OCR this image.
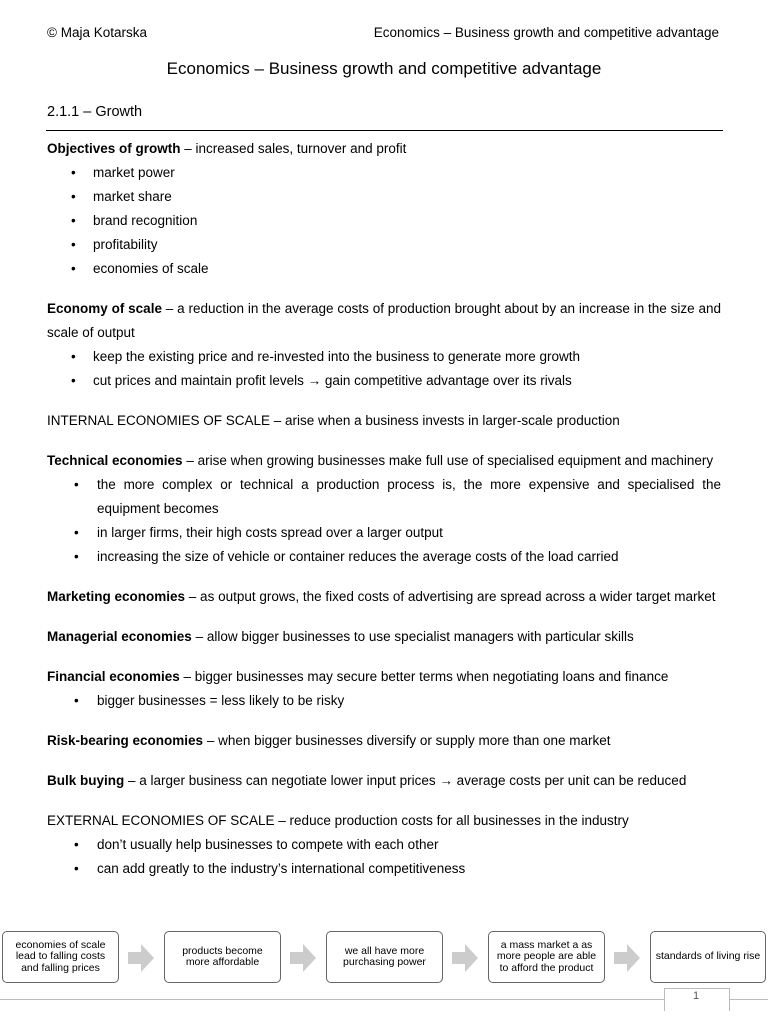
© Maja Kotarska	Economics – Business growth and competitive advantage
Economics – Business growth and competitive advantage
2.1.1 – Growth

Objectives of growth – increased sales, turnover and profit

• market power
• market share
• brand recognition
• profitability
• economies of scale

Economy of scale – a reduction in the average costs of production brought about by an increase in the size and scale of output

• keep the existing price and re-invested into the business to generate more growth
• cut prices and maintain profit levels → gain competitive advantage over its rivals

INTERNAL ECONOMIES OF SCALE – arise when a business invests in larger-scale production

Technical economies – arise when growing businesses make full use of specialised equipment and machinery

• the more complex or technical a production process is, the more expensive and specialised the equipment becomes
• in larger firms, their high costs spread over a larger output
• increasing the size of vehicle or container reduces the average costs of the load carried

Marketing economies – as output grows, the fixed costs of advertising are spread across a wider target market

Managerial economies – allow bigger businesses to use specialist managers with particular skills

Financial economies – bigger businesses may secure better terms when negotiating loans and finance

• bigger businesses = less likely to be risky

Risk-bearing economies – when bigger businesses diversify or supply more than one market

Bulk buying – a larger business can negotiate lower input prices → average costs per unit can be reduced

EXTERNAL ECONOMIES OF SCALE – reduce production costs for all businesses in the industry

• don’t usually help businesses to compete with each other
• can add greatly to the industry’s international competitiveness
economies of scale lead to falling costs and falling prices
products become more affordable
we all have more purchasing power
a mass market a as more people are able to afford the product
standards of living rise
1
